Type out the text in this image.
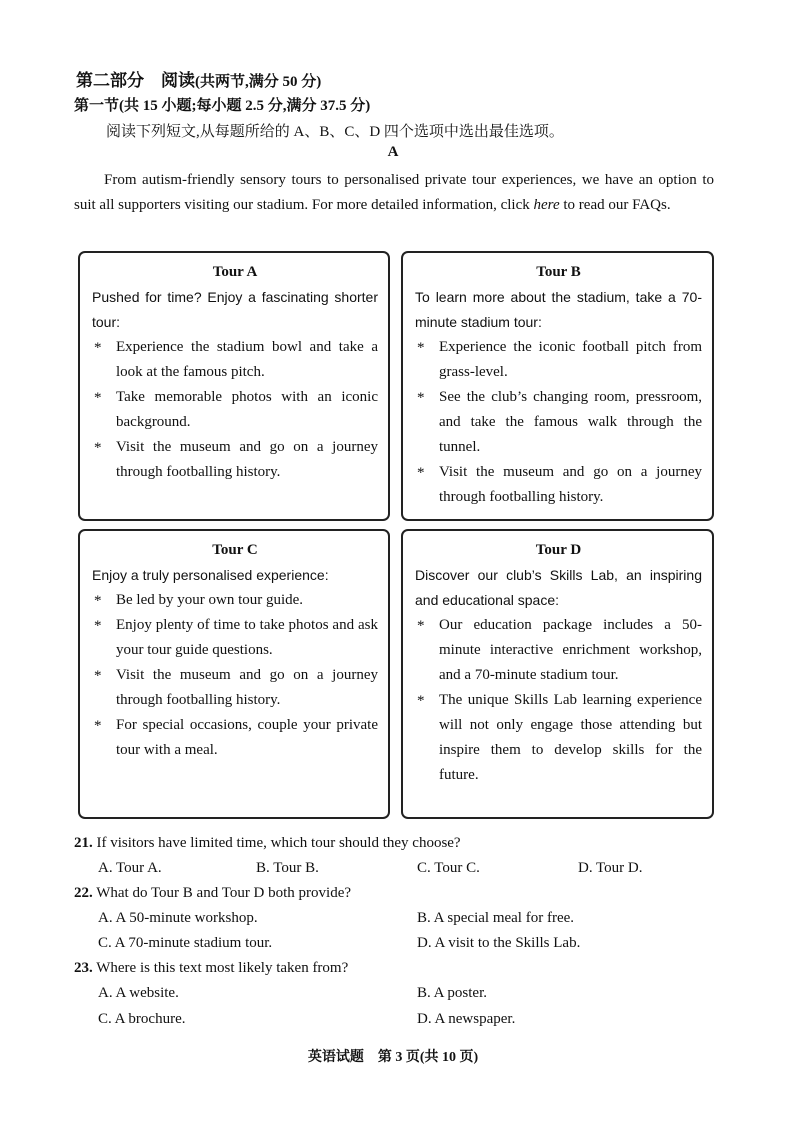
第二部分　阅读(共两节,满分 50 分)
第一节(共 15 小题;每小题 2.5 分,满分 37.5 分)
阅读下列短文,从每题所给的 A、B、C、D 四个选项中选出最佳选项。
A

From autism-friendly sensory tours to personalised private tour experiences, we have an option to suit all supporters visiting our stadium. For more detailed information, click here to read our FAQs.

Tour A

Pushed for time? Enjoy a fascinating shorter tour:

* Experience the stadium bowl and take a look at the famous pitch.
* Take memorable photos with an iconic background.
* Visit the museum and go on a journey through footballing history.
Tour B

To learn more about the stadium, take a 70-minute stadium tour:

* Experience the iconic football pitch from grass-level.
* See the club’s changing room, pressroom, and take the famous walk through the tunnel.
* Visit the museum and go on a journey through footballing history.
Tour C

Enjoy a truly personalised experience:

* Be led by your own tour guide.
* Enjoy plenty of time to take photos and ask your tour guide questions.
* Visit the museum and go on a journey through footballing history.
* For special occasions, couple your private tour with a meal.
Tour D

Discover our club’s Skills Lab, an inspiring and educational space:

* Our education package includes a 50-minute interactive enrichment workshop, and a 70-minute stadium tour.
* The unique Skills Lab learning experience will not only engage those attending but inspire them to develop skills for the future.
21. If visitors have limited time, which tour should they choose?
A. Tour A.	B. Tour B.	C. Tour C.	D. Tour D.
22. What do Tour B and Tour D both provide?
A. A 50-minute workshop.	B. A special meal for free.
C. A 70-minute stadium tour.	D. A visit to the Skills Lab.
23. Where is this text most likely taken from?
A. A website.	B. A poster.
C. A brochure.	D. A newspaper.
英语试题　第 3 页(共 10 页)
